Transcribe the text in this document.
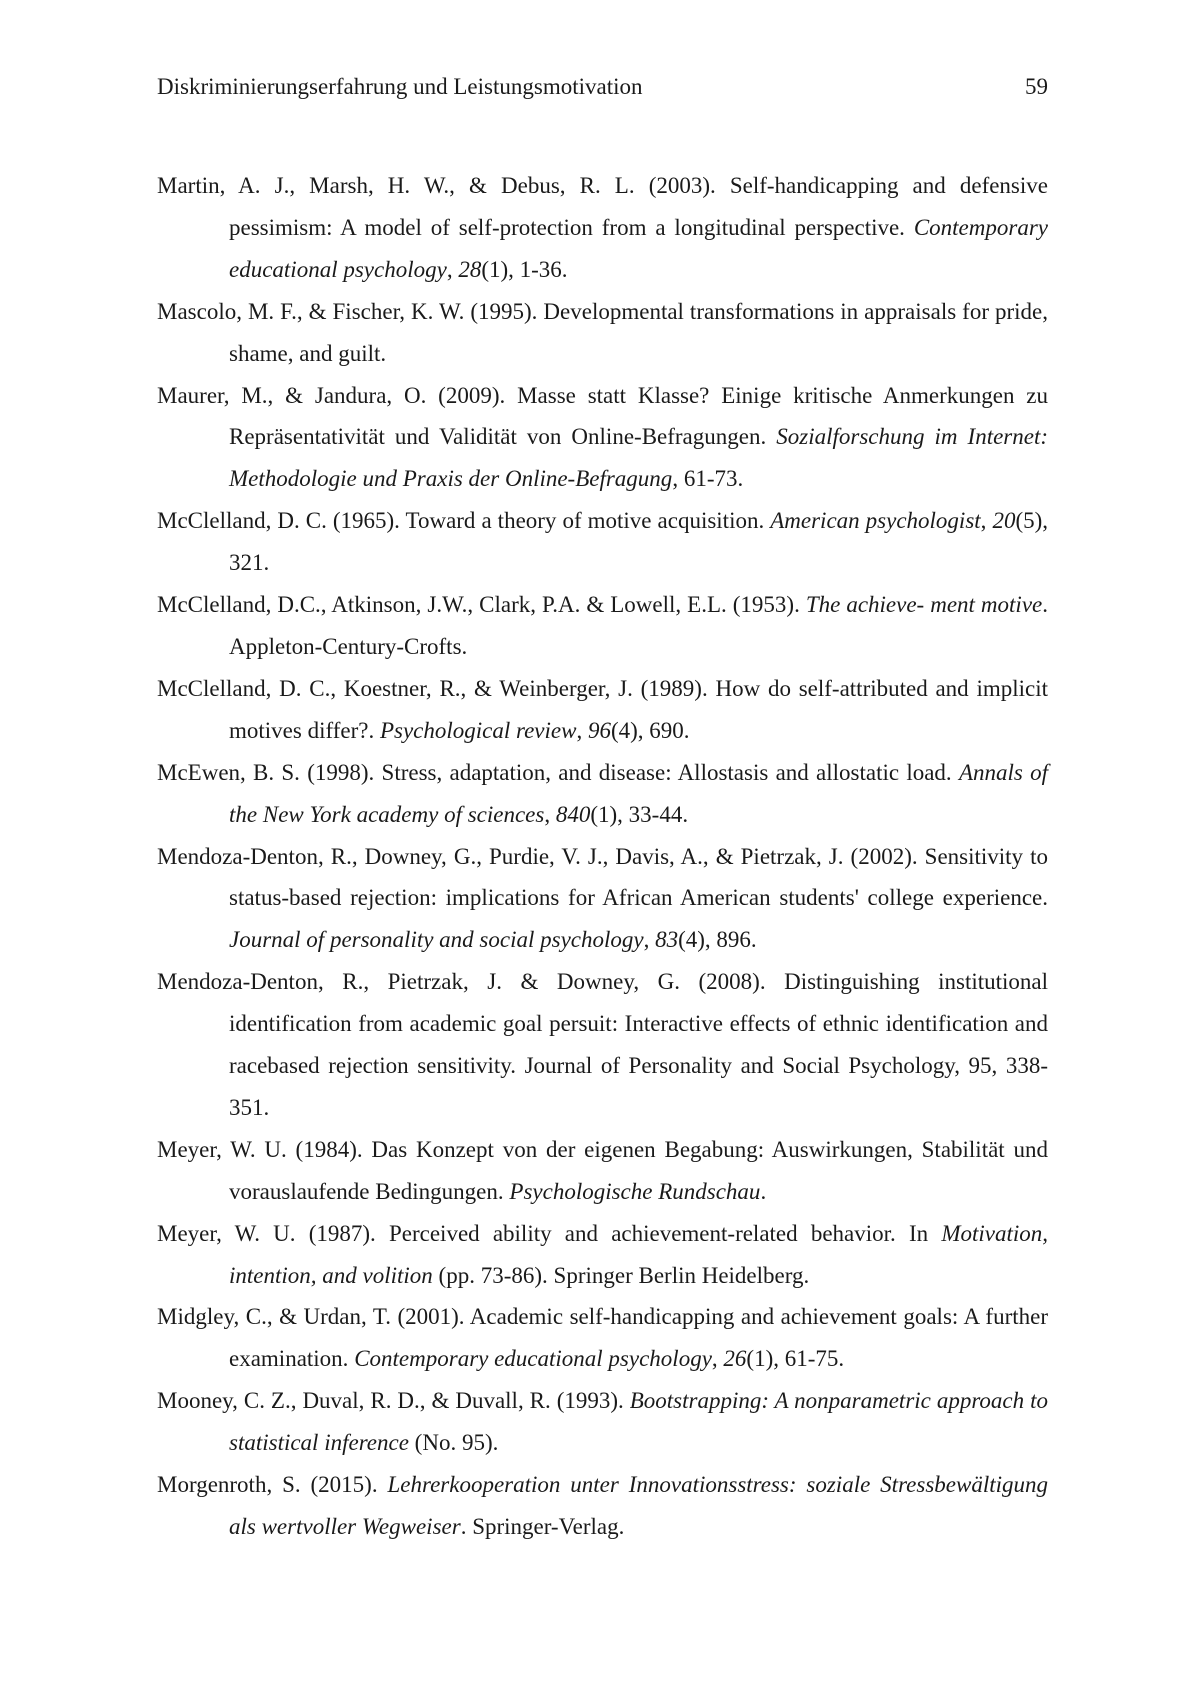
Diskriminierungserfahrung und Leistungsmotivation	59
Martin, A. J., Marsh, H. W., & Debus, R. L. (2003). Self-handicapping and defensive pessimism: A model of self-protection from a longitudinal perspective. Contemporary educational psychology, 28(1), 1-36.
Mascolo, M. F., & Fischer, K. W. (1995). Developmental transformations in appraisals for pride, shame, and guilt.
Maurer, M., & Jandura, O. (2009). Masse statt Klasse? Einige kritische Anmerkungen zu Repräsentativität und Validität von Online-Befragungen. Sozialforschung im Internet: Methodologie und Praxis der Online-Befragung, 61-73.
McClelland, D. C. (1965). Toward a theory of motive acquisition. American psychologist, 20(5), 321.
McClelland, D.C., Atkinson, J.W., Clark, P.A. & Lowell, E.L. (1953). The achieve- ment motive. Appleton-Century-Crofts.
McClelland, D. C., Koestner, R., & Weinberger, J. (1989). How do self-attributed and implicit motives differ?. Psychological review, 96(4), 690.
McEwen, B. S. (1998). Stress, adaptation, and disease: Allostasis and allostatic load. Annals of the New York academy of sciences, 840(1), 33-44.
Mendoza-Denton, R., Downey, G., Purdie, V. J., Davis, A., & Pietrzak, J. (2002). Sensitivity to status-based rejection: implications for African American students' college experience. Journal of personality and social psychology, 83(4), 896.
Mendoza-Denton, R., Pietrzak, J. & Downey, G. (2008). Distinguishing institutional identification from academic goal persuit: Interactive effects of ethnic identification and racebased rejection sensitivity. Journal of Personality and Social Psychology, 95, 338-351.
Meyer, W. U. (1984). Das Konzept von der eigenen Begabung: Auswirkungen, Stabilität und vorauslaufende Bedingungen. Psychologische Rundschau.
Meyer, W. U. (1987). Perceived ability and achievement-related behavior. In Motivation, intention, and volition (pp. 73-86). Springer Berlin Heidelberg.
Midgley, C., & Urdan, T. (2001). Academic self-handicapping and achievement goals: A further examination. Contemporary educational psychology, 26(1), 61-75.
Mooney, C. Z., Duval, R. D., & Duvall, R. (1993). Bootstrapping: A nonparametric approach to statistical inference (No. 95).
Morgenroth, S. (2015). Lehrerkooperation unter Innovationsstress: soziale Stressbewältigung als wertvoller Wegweiser. Springer-Verlag.
